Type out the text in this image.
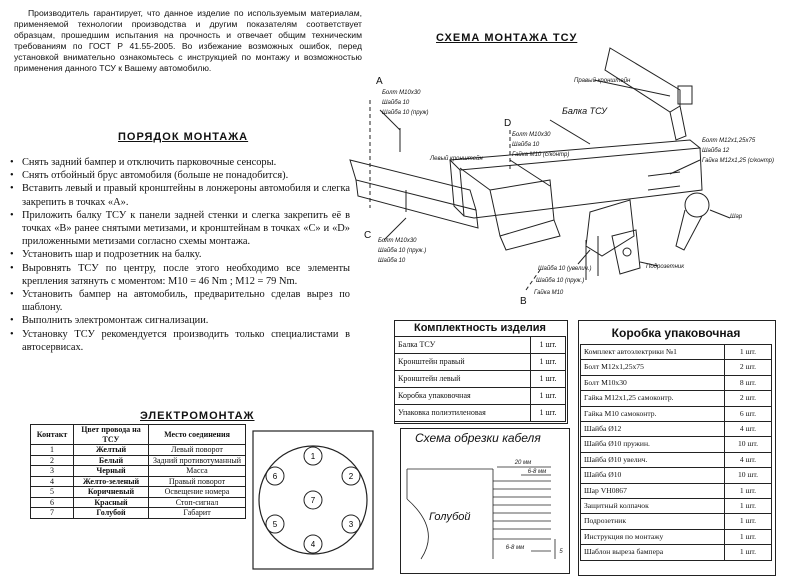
Производитель гарантирует, что данное изделие по используемым материалам, применяемой технологии производства и другим показателям соответствует образцам, прошедшим испытания на прочность и отвечает общим техническим требованиям по ГОСТ Р 41.55-2005. Во избежание возможных ошибок, перед установкой внимательно ознакомьтесь с инструкцией по монтажу и возможностью применения данного ТСУ к Вашему автомобилю.

ПОРЯДОК МОНТАЖА
• Снять задний бампер и отключить парковочные сенсоры.
• Снять отбойный брус автомобиля (больше не понадобится).
• Вставить левый и правый кронштейны в лонжероны автомобиля и слегка закрепить в точках «А».
• Приложить балку ТСУ к панели задней стенки и слегка закрепить её в точках «В» ранее снятыми метизами, и кронштейнам в точках «С» и «D» приложенными метизами согласно схемы монтажа.
• Установить шар и подрозетник на балку.
• Выровнять ТСУ по центру, после этого необходимо все элементы крепления затянуть с моментом: M10 = 46 Nm ; M12 = 79 Nm.
• Установить бампер на автомобиль, предварительно сделав вырез по шаблону.
• Выполнить электромонтаж сигнализации.
• Установку ТСУ рекомендуется производить только специалистами в автосервисах.
СХЕМА МОНТАЖА ТСУ
A
B
C
D
Правый кронштейн
Балка ТСУ
Левый кронштейн
Шар
Подрозетник
Болт M10x30
Шайба 10
Шайба 10 (пруж)
Болт M10x30
Шайба 10 (пруж.)
Шайба 10
Болт M10x30
Шайба 10
Гайка M10 (с/контр)
Болт M12x1,25x75
Шайба 12
Гайка M12x1,25 (с/контр)
Шайба 10 (увелич.)
Шайба 10 (пруж.)
Гайка M10
Комплектность изделия
Балка ТСУ	1 шт.
Кронштейн правый	1 шт.
Кронштейн левый	1 шт.
Коробка упаковочная	1 шт.
Упаковка полиэтиленовая	1 шт.
Коробка упаковочная
Комплект автоэлектрики №1	1 шт.
Болт M12x1,25x75	2 шт.
Болт M10x30	8 шт.
Гайка M12x1,25 самоконтр.	2 шт.
Гайка M10 самоконтр.	6 шт.
Шайба Ø12	4 шт.
Шайба Ø10 пружин.	10 шт.
Шайба Ø10 увелич.	4 шт.
Шайба Ø10	10 шт.
Шар VH0867	1 шт.
Защитный колпачок	1 шт.
Подрозетник	1 шт.
Инструкция по монтажу	1 шт.
Шаблон выреза бампера	1 шт.
ЭЛЕКТРОМОНТАЖ
Контакт	Цвет провода на ТСУ	Место соединения
1	Желтый	Левый поворот
2	Белый	Задний противотуманный
3	Черный	Масса
4	Желто-зеленый	Правый поворот
5	Коричневый	Освещение номера
6	Красный	Стоп-сигнал
7	Голубой	Габарит
1
2
3
4
5
6
7
Схема обрезки кабеля
20 мм
6-8 мм
6-8 мм
5
Голубой
